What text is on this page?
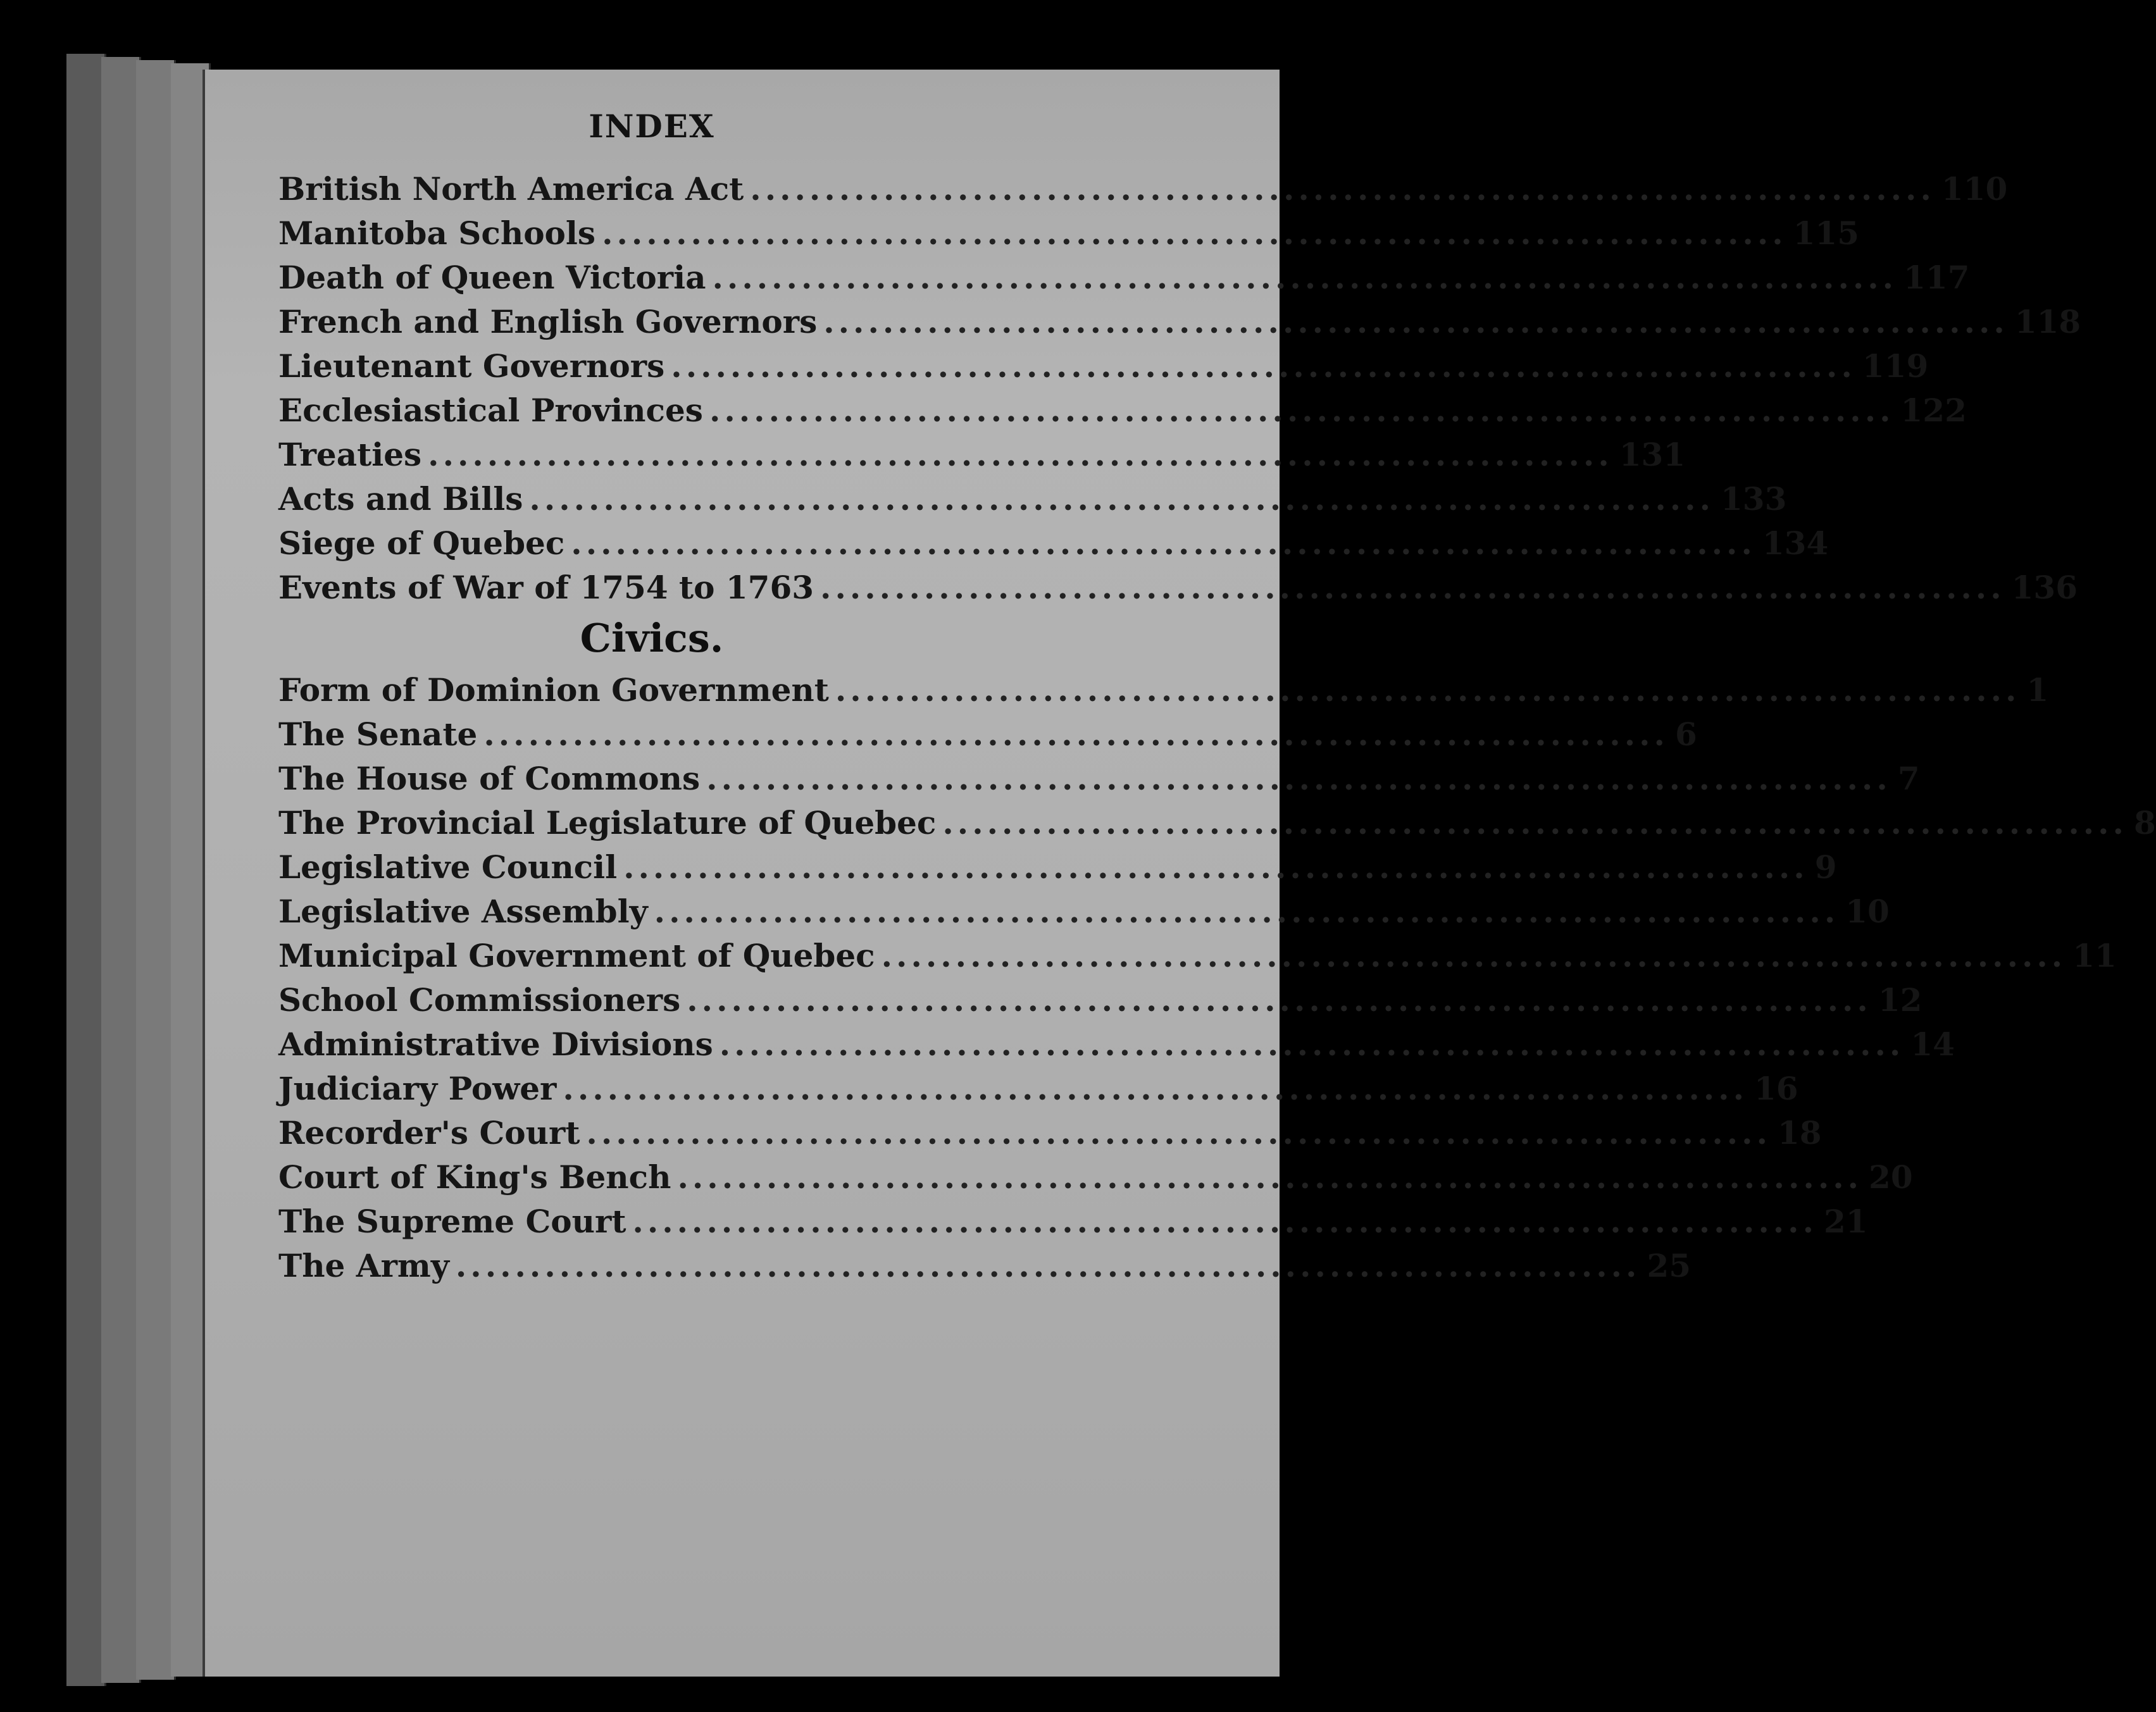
INDEX
British North America Act ................................................................................ 110
Manitoba Schools ................................................................................ 115
Death of Queen Victoria ................................................................................ 117
French and English Governors ................................................................................ 118
Lieutenant Governors ................................................................................ 119
Ecclesiastical Provinces ................................................................................ 122
Treaties ................................................................................ 131
Acts and Bills ................................................................................ 133
Siege of Quebec ................................................................................ 134
Events of War of 1754 to 1763 ................................................................................ 136
Civics.
Form of Dominion Government ................................................................................ 1
The Senate ................................................................................ 6
The House of Commons ................................................................................ 7
The Provincial Legislature of Quebec ................................................................................ 8
Legislative Council ................................................................................ 9
Legislative Assembly ................................................................................ 10
Municipal Government of Quebec ................................................................................ 11
School Commissioners ................................................................................ 12
Administrative Divisions ................................................................................ 14
Judiciary Power ................................................................................ 16
Recorder's Court ................................................................................ 18
Court of King's Bench ................................................................................ 20
The Supreme Court ................................................................................ 21
The Army ................................................................................ 25
